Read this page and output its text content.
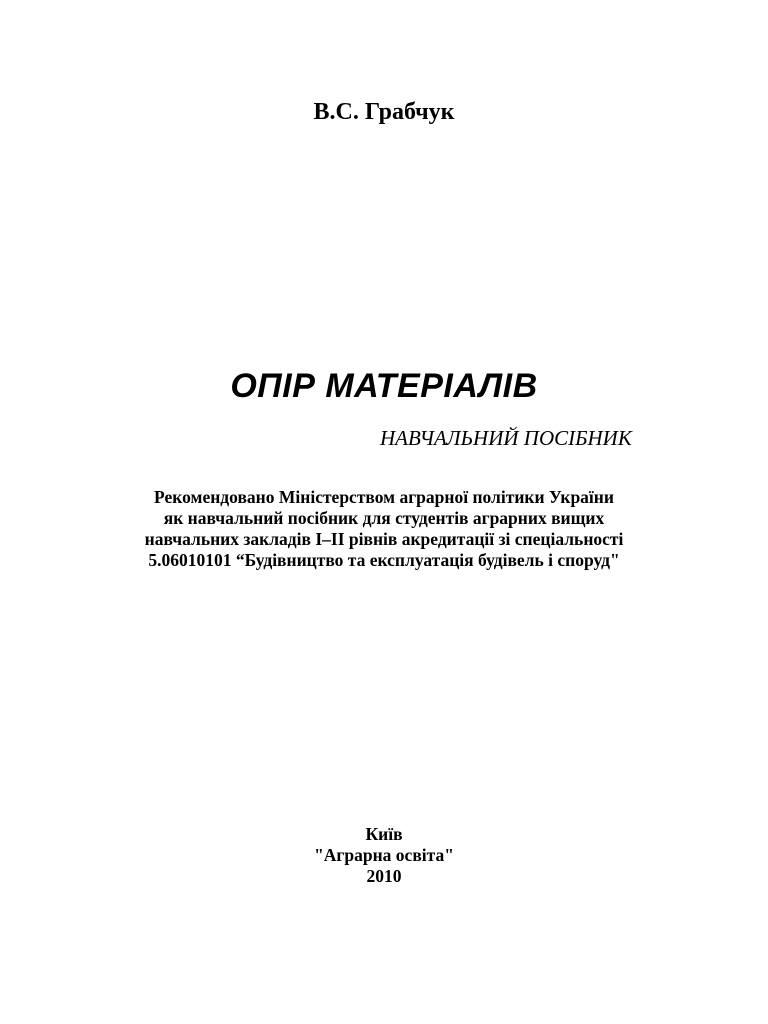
В.С. Грабчук
ОПІР МАТЕРІАЛІВ
НАВЧАЛЬНИЙ ПОСІБНИК
Рекомендовано Міністерством аграрної політики України
як навчальний посібник для студентів аграрних вищих
навчальних закладів І–ІІ рівнів акредитації зі спеціальності
5.06010101 “Будівництво та експлуатація будівель і споруд"
Київ
"Аграрна освіта"
2010
